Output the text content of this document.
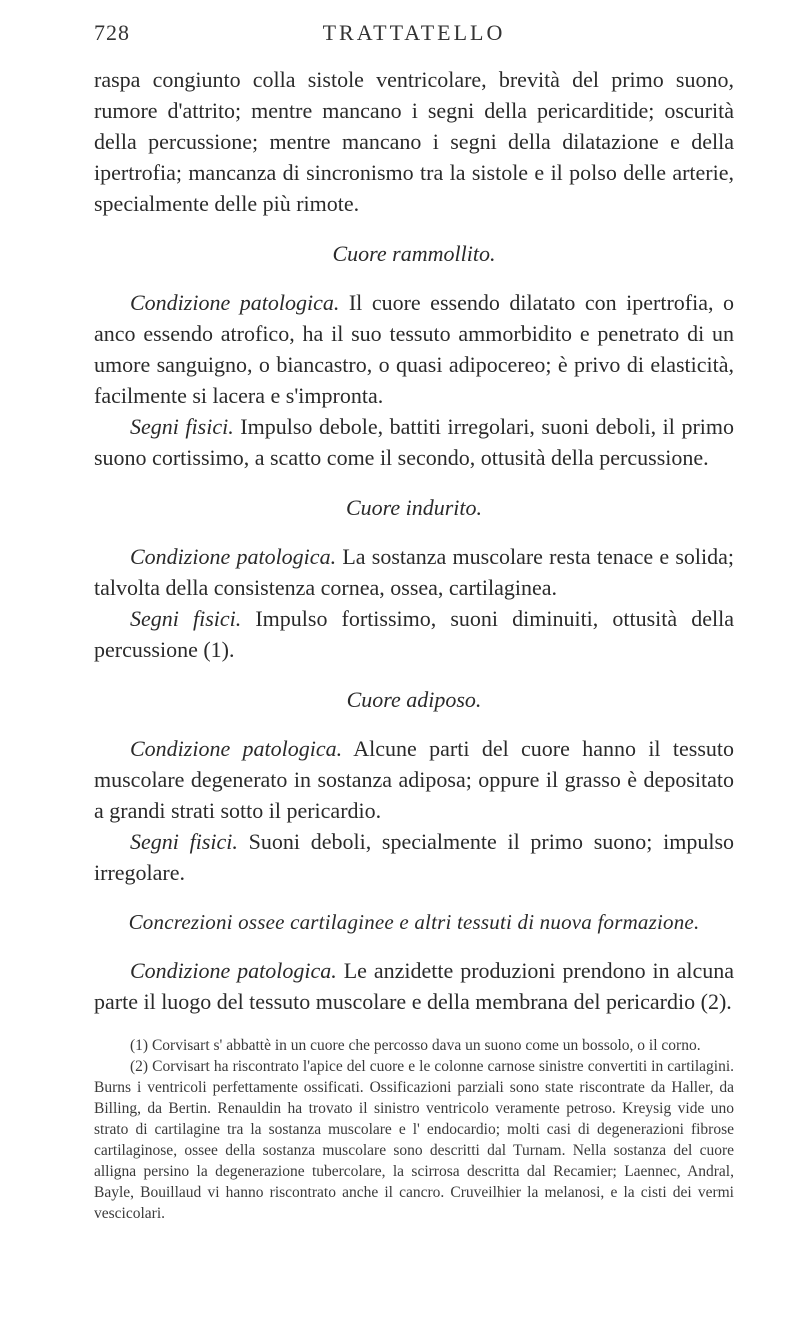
728	TRATTATELLO

raspa congiunto colla sistole ventricolare, brevità del primo suono, rumore d'attrito; mentre mancano i segni della pericarditide; oscurità della percussione; mentre mancano i segni della dilatazione e della ipertrofia; mancanza di sincronismo tra la sistole e il polso delle arterie, specialmente delle più rimote.

Cuore rammollito.

Condizione patologica. Il cuore essendo dilatato con ipertrofia, o anco essendo atrofico, ha il suo tessuto ammorbidito e penetrato di un umore sanguigno, o biancastro, o quasi adipocereo; è privo di elasticità, facilmente si lacera e s'impronta.

Segni fisici. Impulso debole, battiti irregolari, suoni deboli, il primo suono cortissimo, a scatto come il secondo, ottusità della percussione.

Cuore indurito.

Condizione patologica. La sostanza muscolare resta tenace e solida; talvolta della consistenza cornea, ossea, cartilaginea.

Segni fisici. Impulso fortissimo, suoni diminuiti, ottusità della percussione (1).

Cuore adiposo.

Condizione patologica. Alcune parti del cuore hanno il tessuto muscolare degenerato in sostanza adiposa; oppure il grasso è depositato a grandi strati sotto il pericardio.

Segni fisici. Suoni deboli, specialmente il primo suono; impulso irregolare.

Concrezioni ossee cartilaginee e altri tessuti di nuova formazione.

Condizione patologica. Le anzidette produzioni prendono in alcuna parte il luogo del tessuto muscolare e della membrana del pericardio (2).

(1) Corvisart s' abbattè in un cuore che percosso dava un suono come un bossolo, o il corno.
(2) Corvisart ha riscontrato l'apice del cuore e le colonne carnose sinistre convertiti in cartilagini. Burns i ventricoli perfettamente ossificati. Ossificazioni parziali sono state riscontrate da Haller, da Billing, da Bertin. Renauldin ha trovato il sinistro ventricolo veramente petroso. Kreysig vide uno strato di cartilagine tra la sostanza muscolare e l' endocardio; molti casi di degenerazioni fibrose cartilaginose, ossee della sostanza muscolare sono descritti dal Turnam. Nella sostanza del cuore alligna persino la degenerazione tubercolare, la scirrosa descritta dal Recamier; Laennec, Andral, Bayle, Bouillaud vi hanno riscontrato anche il cancro. Cruveilhier la melanosi, e la cisti dei vermi vescicolari.
